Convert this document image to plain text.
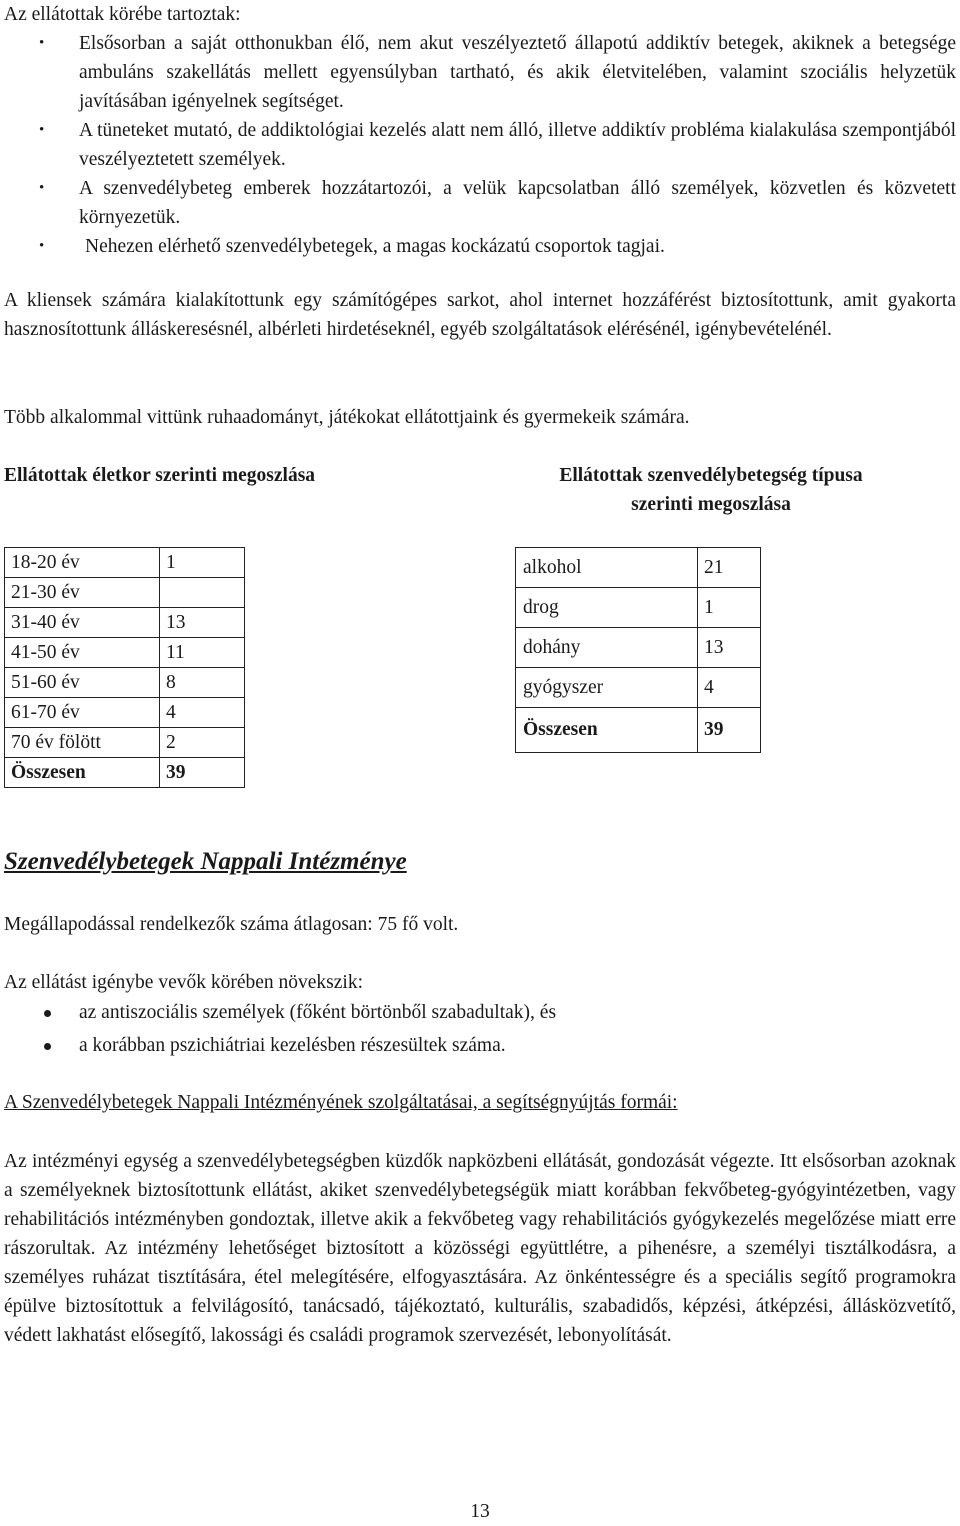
Az ellátottak körébe tartoztak:
• Elsősorban a saját otthonukban élő, nem akut veszélyeztető állapotú addiktív betegek, akiknek a betegsége ambuláns szakellátás mellett egyensúlyban tartható, és akik életvitelében, valamint szociális helyzetük javításában igényelnek segítséget.
• A tüneteket mutató, de addiktológiai kezelés alatt nem álló, illetve addiktív probléma kialakulása szempontjából veszélyeztetett személyek.
• A szenvedélybeteg emberek hozzátartozói, a velük kapcsolatban álló személyek, közvetlen és közvetett környezetük.
• Nehezen elérhető szenvedélybetegek, a magas kockázatú csoportok tagjai.
A kliensek számára kialakítottunk egy számítógépes sarkot, ahol internet hozzáférést biztosítottunk, amit gyakorta hasznosítottunk álláskeresésnél, albérleti hirdetéseknél, egyéb szolgáltatások elérésénél, igénybevételénél.
Több alkalommal vittünk ruhaadományt, játékokat ellátottjaink és gyermekeik számára.
Ellátottak életkor szerinti megoszlása	Ellátottak szenvedélybetegség típusa
szerinti megoszlása
18-20 év	1
21-30 év	
31-40 év	13
41-50 év	11
51-60 év	8
61-70 év	4
70 év fölött	2
Összesen	39
alkohol	21
drog	1
dohány	13
gyógyszer	4
Összesen	39
Szenvedélybetegek Nappali Intézménye
Megállapodással rendelkezők száma átlagosan: 75 fő volt.
Az ellátást igénybe vevők körében növekszik:
az antiszociális személyek (főként börtönből szabadultak), és
a korábban pszichiátriai kezelésben részesültek száma.
A Szenvedélybetegek Nappali Intézményének szolgáltatásai, a segítségnyújtás formái:
Az intézményi egység a szenvedélybetegségben küzdők napközbeni ellátását, gondozását végezte. Itt elsősorban azoknak a személyeknek biztosítottunk ellátást, akiket szenvedélybetegségük miatt korábban fekvőbeteg-gyógyintézetben, vagy rehabilitációs intézményben gondoztak, illetve akik a fekvőbeteg vagy rehabilitációs gyógykezelés megelőzése miatt erre rászorultak. Az intézmény lehetőséget biztosított a közösségi együttlétre, a pihenésre, a személyi tisztálkodásra, a személyes ruházat tisztítására, étel melegítésére, elfogyasztására. Az önkéntességre és a speciális segítő programokra épülve biztosítottuk a felvilágosító, tanácsadó, tájékoztató, kulturális, szabadidős, képzési, átképzési, állásközvetítő, védett lakhatást elősegítő, lakossági és családi programok szervezését, lebonyolítását.
13
